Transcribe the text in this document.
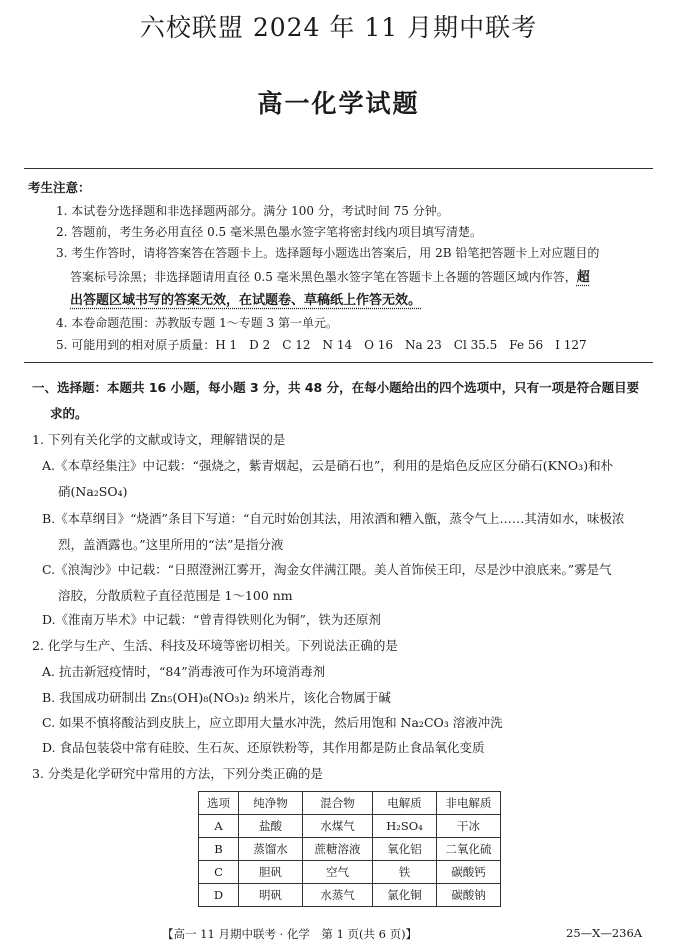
六校联盟 2024 年 11 月期中联考
高一化学试题
考生注意：
1. 本试卷分选择题和非选择题两部分。满分 100 分，考试时间 75 分钟。
2. 答题前，考生务必用直径 0.5 毫米黑色墨水签字笔将密封线内项目填写清楚。
3. 考生作答时，请将答案答在答题卡上。选择题每小题选出答案后，用 2B 铅笔把答题卡上对应题目的
答案标号涂黑；非选择题请用直径 0.5 毫米黑色墨水签字笔在答题卡上各题的答题区域内作答，超
出答题区域书写的答案无效，在试题卷、草稿纸上作答无效。
4. 本卷命题范围：苏教版专题 1～专题 3 第一单元。
5. 可能用到的相对原子质量：H 1　D 2　C 12　N 14　O 16　Na 23　Cl 35.5　Fe 56　I 127
一、选择题：本题共 16 小题，每小题 3 分，共 48 分，在每小题给出的四个选项中，只有一项是符合题目要
求的。
1. 下列有关化学的文献或诗文，理解错误的是
A.《本草经集注》中记载：“强烧之，紫青烟起，云是硝石也”，利用的是焰色反应区分硝石(KNO₃)和朴
硝(Na₂SO₄)
B.《本草纲目》“烧酒”条目下写道：“自元时始创其法，用浓酒和糟入甑，蒸令气上……其清如水，味极浓
烈，盖酒露也。”这里所用的“法”是指分液
C.《浪淘沙》中记载：“日照澄洲江雾开，淘金女伴满江隈。美人首饰侯王印，尽是沙中浪底来。”雾是气
溶胶，分散质粒子直径范围是 1～100 nm
D.《淮南万毕术》中记载：“曾青得铁则化为铜”，铁为还原剂
2. 化学与生产、生活、科技及环境等密切相关。下列说法正确的是
A. 抗击新冠疫情时，“84”消毒液可作为环境消毒剂
B. 我国成功研制出 Zn₅(OH)₈(NO₃)₂ 纳米片，该化合物属于碱
C. 如果不慎将酸沾到皮肤上，应立即用大量水冲洗，然后用饱和 Na₂CO₃ 溶液冲洗
D. 食品包装袋中常有硅胶、生石灰、还原铁粉等，其作用都是防止食品氧化变质
3. 分类是化学研究中常用的方法，下列分类正确的是
选项	纯净物	混合物	电解质	非电解质
A	盐酸	水煤气	H₂SO₄	干冰
B	蒸馏水	蔗糖溶液	氧化铝	二氧化硫
C	胆矾	空气	铁	碳酸钙
D	明矾	水蒸气	氯化铜	碳酸钠
【高一 11 月期中联考 · 化学　第 1 页(共 6 页)】	25—X—236A
